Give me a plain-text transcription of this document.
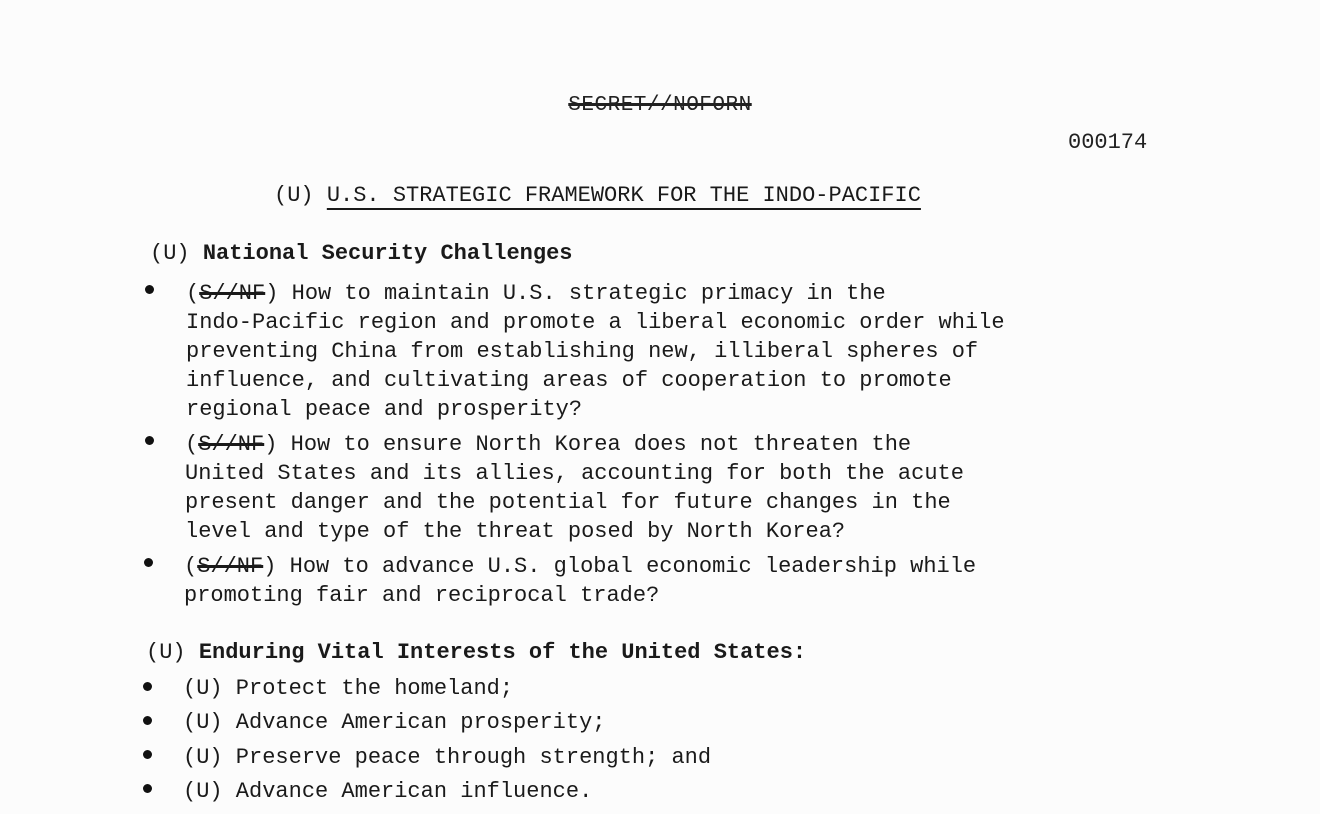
SECRET//NOFORN
000174
(U) U.S. STRATEGIC FRAMEWORK FOR THE INDO-PACIFIC
(U) National Security Challenges
(S//NF) How to maintain U.S. strategic primacy in the
Indo-Pacific region and promote a liberal economic order while
preventing China from establishing new, illiberal spheres of
influence, and cultivating areas of cooperation to promote
regional peace and prosperity?
(S//NF) How to ensure North Korea does not threaten the
United States and its allies, accounting for both the acute
present danger and the potential for future changes in the
level and type of the threat posed by North Korea?
(S//NF) How to advance U.S. global economic leadership while
promoting fair and reciprocal trade?
(U) Enduring Vital Interests of the United States:
(U) Protect the homeland;
(U) Advance American prosperity;
(U) Preserve peace through strength; and
(U) Advance American influence.
